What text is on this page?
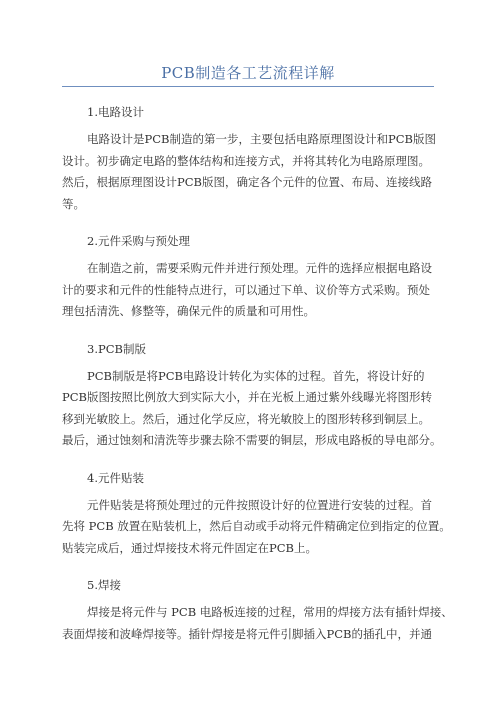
PCB制造各工艺流程详解
1.电路设计
电路设计是PCB制造的第一步，主要包括电路原理图设计和PCB版图
设计。初步确定电路的整体结构和连接方式，并将其转化为电路原理图。
然后，根据原理图设计PCB版图，确定各个元件的位置、布局、连接线路
等。
2.元件采购与预处理
在制造之前，需要采购元件并进行预处理。元件的选择应根据电路设
计的要求和元件的性能特点进行，可以通过下单、议价等方式采购。预处
理包括清洗、修整等，确保元件的质量和可用性。
3.PCB制版
PCB制版是将PCB电路设计转化为实体的过程。首先，将设计好的
PCB版图按照比例放大到实际大小，并在光板上通过紫外线曝光将图形转
移到光敏胶上。然后，通过化学反应，将光敏胶上的图形转移到铜层上。
最后，通过蚀刻和清洗等步骤去除不需要的铜层，形成电路板的导电部分。
4.元件贴装
元件贴装是将预处理过的元件按照设计好的位置进行安装的过程。首
先将 PCB 放置在贴装机上，然后自动或手动将元件精确定位到指定的位置。
贴装完成后，通过焊接技术将元件固定在PCB上。
5.焊接
焊接是将元件与 PCB 电路板连接的过程，常用的焊接方法有插针焊接、
表面焊接和波峰焊接等。插针焊接是将元件引脚插入PCB的插孔中，并通
